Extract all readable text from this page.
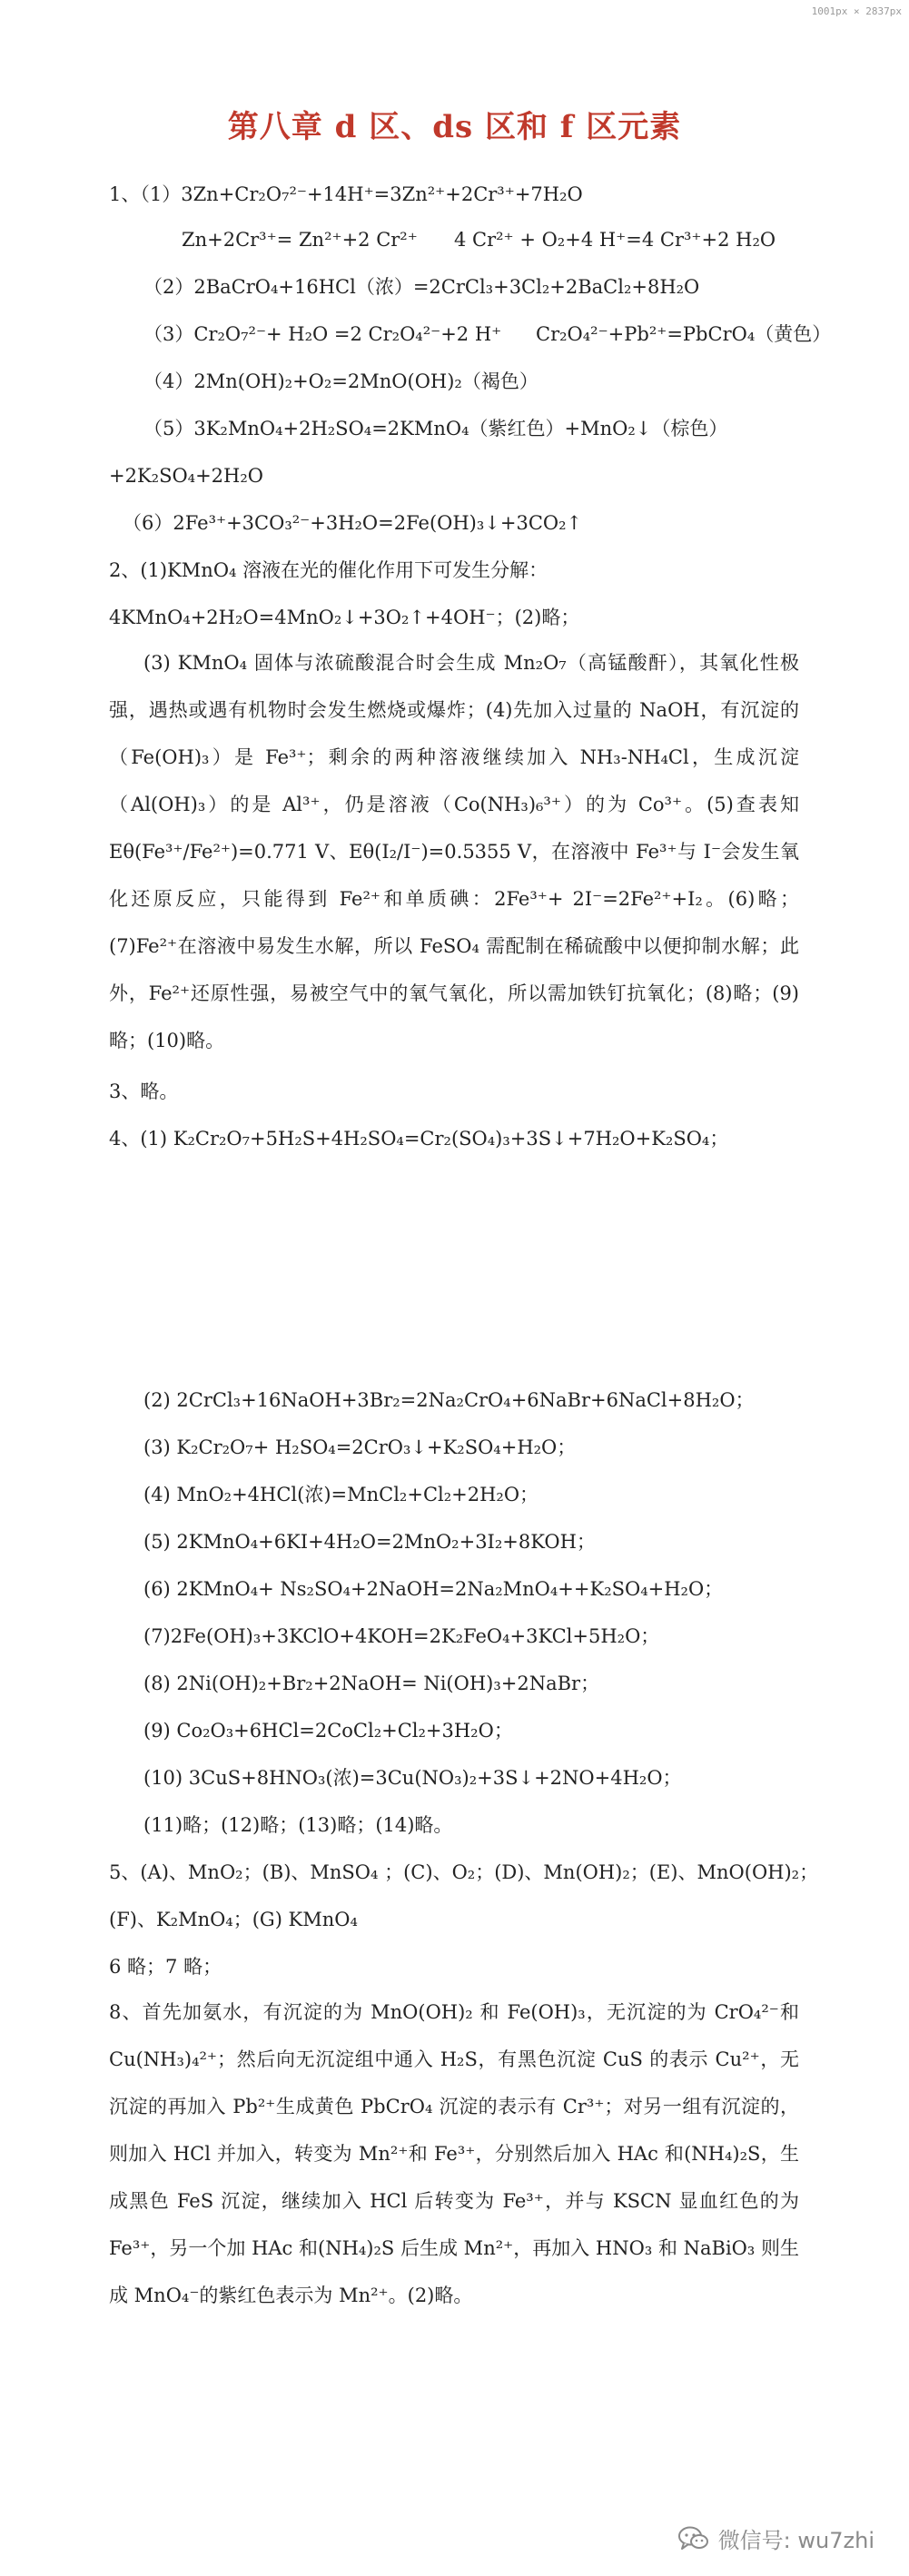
1001px × 2837px
第八章 d 区、ds 区和 f 区元素
1、（1）3Zn+Cr₂O₇²⁻+14H⁺=3Zn²⁺+2Cr³⁺+7H₂O
Zn+2Cr³⁺= Zn²⁺+2 Cr²⁺ 4 Cr²⁺ + O₂+4 H⁺=4 Cr³⁺+2 H₂O
（2）2BaCrO₄+16HCl（浓）=2CrCl₃+3Cl₂+2BaCl₂+8H₂O
（3）Cr₂O₇²⁻+ H₂O =2 Cr₂O₄²⁻+2 H⁺ Cr₂O₄²⁻+Pb²⁺=PbCrO₄（黄色）
（4）2Mn(OH)₂+O₂=2MnO(OH)₂（褐色）
（5）3K₂MnO₄+2H₂SO₄=2KMnO₄（紫红色）+MnO₂↓（棕色）
+2K₂SO₄+2H₂O
（6）2Fe³⁺+3CO₃²⁻+3H₂O=2Fe(OH)₃↓+3CO₂↑
2、(1)KMnO₄ 溶液在光的催化作用下可发生分解：
4KMnO₄+2H₂O=4MnO₂↓+3O₂↑+4OH⁻；(2)略；
(3) KMnO₄ 固体与浓硫酸混合时会生成 Mn₂O₇（高锰酸酐），其氧化性极强，遇热或遇有机物时会发生燃烧或爆炸；(4)先加入过量的 NaOH，有沉淀的（Fe(OH)₃）是 Fe³⁺；剩余的两种溶液继续加入 NH₃-NH₄Cl，生成沉淀（Al(OH)₃）的是 Al³⁺，仍是溶液（Co(NH₃)₆³⁺）的为 Co³⁺。(5)查表知 Eθ(Fe³⁺/Fe²⁺)=0.771 V、Eθ(I₂/I⁻)=0.5355 V，在溶液中 Fe³⁺与 I⁻会发生氧化还原反应，只能得到 Fe²⁺和单质碘：2Fe³⁺+ 2I⁻=2Fe²⁺+I₂。(6)略；(7)Fe²⁺在溶液中易发生水解，所以 FeSO₄ 需配制在稀硫酸中以便抑制水解；此外，Fe²⁺还原性强，易被空气中的氧气氧化，所以需加铁钉抗氧化；(8)略；(9)略；(10)略。
3、略。
4、(1) K₂Cr₂O₇+5H₂S+4H₂SO₄=Cr₂(SO₄)₃+3S↓+7H₂O+K₂SO₄；
(2) 2CrCl₃+16NaOH+3Br₂=2Na₂CrO₄+6NaBr+6NaCl+8H₂O；
(3) K₂Cr₂O₇+ H₂SO₄=2CrO₃↓+K₂SO₄+H₂O；
(4) MnO₂+4HCl(浓)=MnCl₂+Cl₂+2H₂O；
(5) 2KMnO₄+6KI+4H₂O=2MnO₂+3I₂+8KOH；
(6) 2KMnO₄+ Ns₂SO₄+2NaOH=2Na₂MnO₄++K₂SO₄+H₂O；
(7)2Fe(OH)₃+3KClO+4KOH=2K₂FeO₄+3KCl+5H₂O；
(8) 2Ni(OH)₂+Br₂+2NaOH= Ni(OH)₃+2NaBr；
(9) Co₂O₃+6HCl=2CoCl₂+Cl₂+3H₂O；
(10) 3CuS+8HNO₃(浓)=3Cu(NO₃)₂+3S↓+2NO+4H₂O；
(11)略；(12)略；(13)略；(14)略。
5、(A)、MnO₂；(B)、MnSO₄ ；(C)、O₂；(D)、Mn(OH)₂；(E)、MnO(OH)₂；
(F)、K₂MnO₄；(G) KMnO₄
6 略；7 略；
8、首先加氨水，有沉淀的为 MnO(OH)₂ 和 Fe(OH)₃，无沉淀的为 CrO₄²⁻和 Cu(NH₃)₄²⁺；然后向无沉淀组中通入 H₂S，有黑色沉淀 CuS 的表示 Cu²⁺，无沉淀的再加入 Pb²⁺生成黄色 PbCrO₄ 沉淀的表示有 Cr³⁺；对另一组有沉淀的，则加入 HCl 并加入，转变为 Mn²⁺和 Fe³⁺，分别然后加入 HAc 和(NH₄)₂S，生成黑色 FeS 沉淀，继续加入 HCl 后转变为 Fe³⁺，并与 KSCN 显血红色的为 Fe³⁺，另一个加 HAc 和(NH₄)₂S 后生成 Mn²⁺，再加入 HNO₃ 和 NaBiO₃ 则生成 MnO₄⁻的紫红色表示为 Mn²⁺。(2)略。
微信号: wu7zhi
